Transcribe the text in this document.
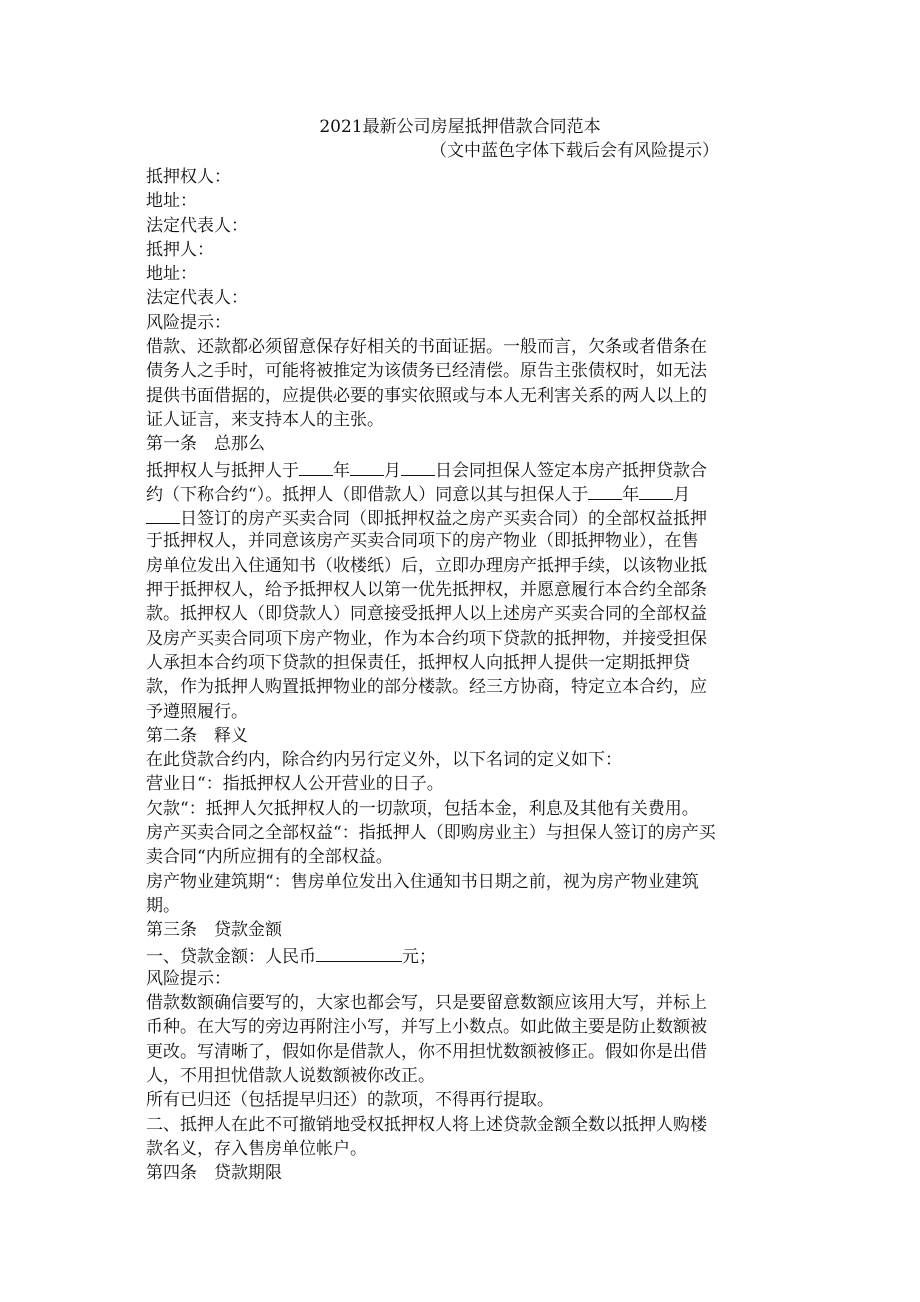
2021最新公司房屋抵押借款合同范本
（文中蓝色字体下载后会有风险提示）
抵押权人：
地址：
法定代表人：
抵押人：
地址：
法定代表人：
风险提示：
借款、还款都必须留意保存好相关的书面证据。一般而言，欠条或者借条在
债务人之手时，可能将被推定为该债务已经清偿。原告主张债权时，如无法
提供书面借据的，应提供必要的事实依照或与本人无利害关系的两人以上的
证人证言，来支持本人的主张。
第一条　总那么
抵押权人与抵押人于 年 月 日会同担保人签定本房产抵押贷款合
约（下称合约“）。抵押人（即借款人）同意以其与担保人于 年 月
日签订的房产买卖合同（即抵押权益之房产买卖合同）的全部权益抵押
于抵押权人，并同意该房产买卖合同项下的房产物业（即抵押物业），在售
房单位发出入住通知书（收楼纸）后，立即办理房产抵押手续，以该物业抵
押于抵押权人，给予抵押权人以第一优先抵押权，并愿意履行本合约全部条
款。抵押权人（即贷款人）同意接受抵押人以上述房产买卖合同的全部权益
及房产买卖合同项下房产物业，作为本合约项下贷款的抵押物，并接受担保
人承担本合约项下贷款的担保责任，抵押权人向抵押人提供一定期抵押贷
款，作为抵押人购置抵押物业的部分楼款。经三方协商，特定立本合约，应
予遵照履行。
第二条　释义
在此贷款合约内，除合约内另行定义外，以下名词的定义如下：
营业日“：指抵押权人公开营业的日子。
欠款“：抵押人欠抵押权人的一切款项，包括本金，利息及其他有关费用。
房产买卖合同之全部权益“：指抵押人（即购房业主）与担保人签订的房产买
卖合同“内所应拥有的全部权益。
房产物业建筑期“：售房单位发出入住通知书日期之前，视为房产物业建筑
期。
第三条　贷款金额
一、贷款金额：人民币	元；
风险提示：
借款数额确信要写的，大家也都会写，只是要留意数额应该用大写，并标上
币种。在大写的旁边再附注小写，并写上小数点。如此做主要是防止数额被
更改。写清晰了，假如你是借款人，你不用担忧数额被修正。假如你是出借
人，不用担忧借款人说数额被你改正。
所有已归还（包括提早归还）的款项，不得再行提取。
二、抵押人在此不可撤销地受权抵押权人将上述贷款金额全数以抵押人购楼
款名义，存入售房单位帐户。
第四条　贷款期限
